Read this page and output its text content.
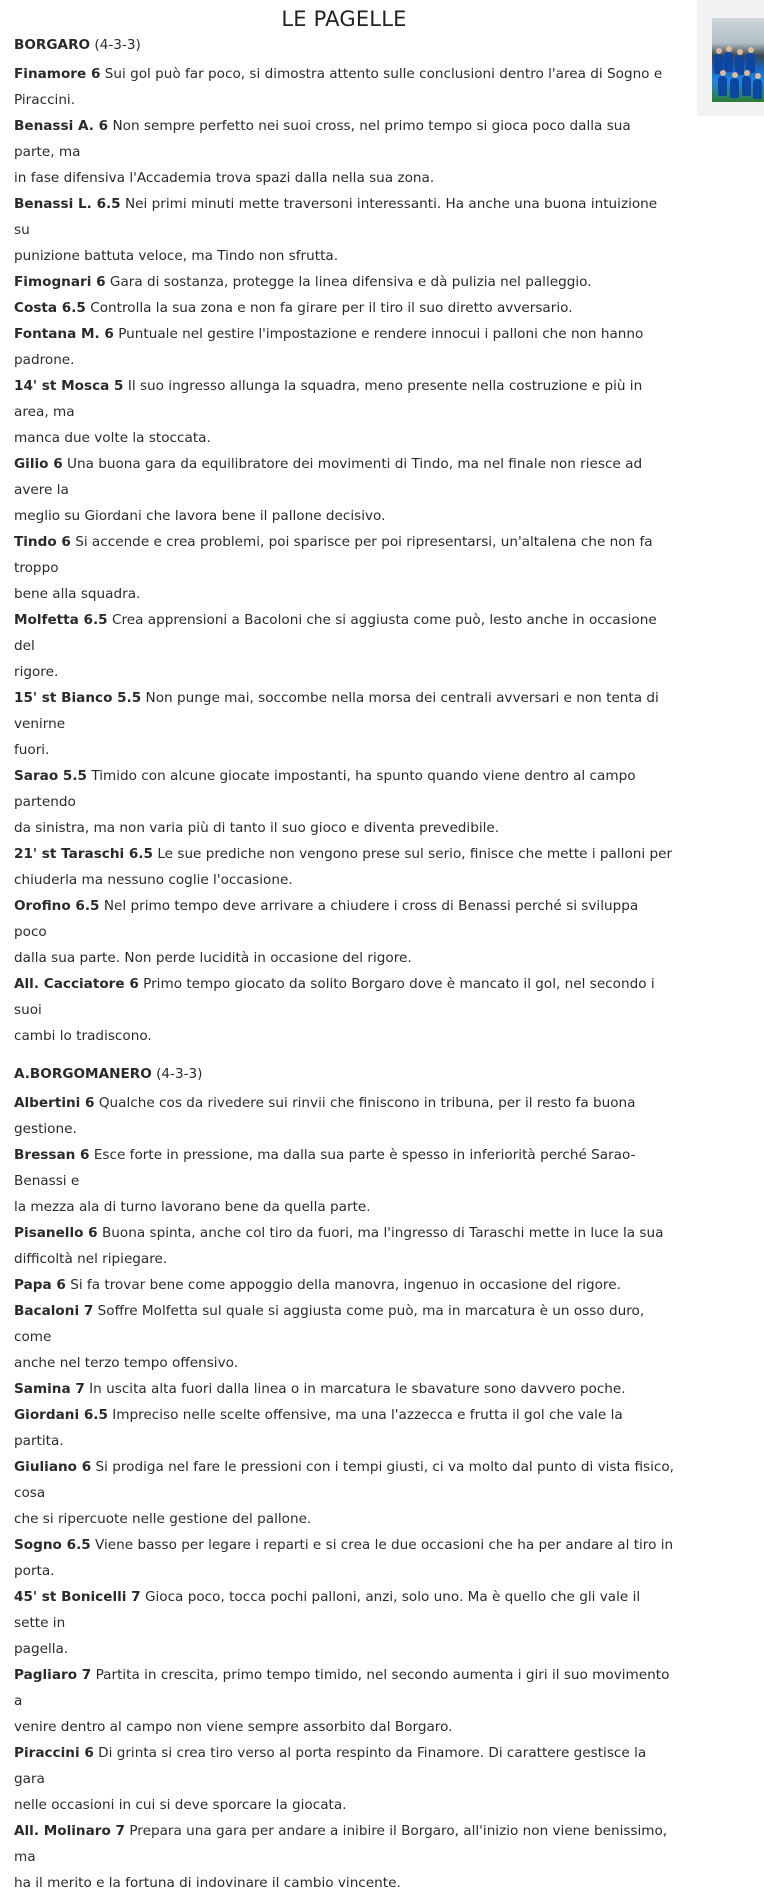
LE PAGELLE
BORGARO (4-3-3)
Finamore 6 Sui gol può far poco, si dimostra attento sulle conclusioni dentro l'area di Sogno e
Piraccini.
Benassi A. 6 Non sempre perfetto nei suoi cross, nel primo tempo si gioca poco dalla sua parte, ma
in fase difensiva l'Accademia trova spazi dalla nella sua zona.
Benassi L. 6.5 Nei primi minuti mette traversoni interessanti. Ha anche una buona intuizione su
punizione battuta veloce, ma Tindo non sfrutta.
Fimognari 6 Gara di sostanza, protegge la linea difensiva e dà pulizia nel palleggio.
Costa 6.5 Controlla la sua zona e non fa girare per il tiro il suo diretto avversario.
Fontana M. 6 Puntuale nel gestire l'impostazione e rendere innocui i palloni che non hanno
padrone.
14' st Mosca 5 Il suo ingresso allunga la squadra, meno presente nella costruzione e più in area, ma
manca due volte la stoccata.
Gilio 6 Una buona gara da equilibratore dei movimenti di Tindo, ma nel finale non riesce ad avere la
meglio su Giordani che lavora bene il pallone decisivo.
Tindo 6 Si accende e crea problemi, poi sparisce per poi ripresentarsi, un'altalena che non fa troppo
bene alla squadra.
Molfetta 6.5 Crea apprensioni a Bacoloni che si aggiusta come può, lesto anche in occasione del
rigore.
15' st Bianco 5.5 Non punge mai, soccombe nella morsa dei centrali avversari e non tenta di venirne
fuori.
Sarao 5.5 Timido con alcune giocate impostanti, ha spunto quando viene dentro al campo partendo
da sinistra, ma non varia più di tanto il suo gioco e diventa prevedibile.
21' st Taraschi 6.5 Le sue prediche non vengono prese sul serio, finisce che mette i palloni per
chiuderla ma nessuno coglie l'occasione.
Orofino 6.5 Nel primo tempo deve arrivare a chiudere i cross di Benassi perché si sviluppa poco
dalla sua parte. Non perde lucidità in occasione del rigore.
All. Cacciatore 6 Primo tempo giocato da solito Borgaro dove è mancato il gol, nel secondo i suoi
cambi lo tradiscono.
A.BORGOMANERO (4-3-3)
Albertini 6 Qualche cos da rivedere sui rinvii che finiscono in tribuna, per il resto fa buona gestione.
Bressan 6 Esce forte in pressione, ma dalla sua parte è spesso in inferiorità perché Sarao-Benassi e
la mezza ala di turno lavorano bene da quella parte.
Pisanello 6 Buona spinta, anche col tiro da fuori, ma l'ingresso di Taraschi mette in luce la sua
difficoltà nel ripiegare.
Papa 6 Si fa trovar bene come appoggio della manovra, ingenuo in occasione del rigore.
Bacaloni 7 Soffre Molfetta sul quale si aggiusta come può, ma in marcatura è un osso duro, come
anche nel terzo tempo offensivo.
Samina 7 In uscita alta fuori dalla linea o in marcatura le sbavature sono davvero poche.
Giordani 6.5 Impreciso nelle scelte offensive, ma una l'azzecca e frutta il gol che vale la partita.
Giuliano 6 Si prodiga nel fare le pressioni con i tempi giusti, ci va molto dal punto di vista fisico, cosa
che si ripercuote nelle gestione del pallone.
Sogno 6.5 Viene basso per legare i reparti e si crea le due occasioni che ha per andare al tiro in
porta.
45' st Bonicelli 7 Gioca poco, tocca pochi palloni, anzi, solo uno. Ma è quello che gli vale il sette in
pagella.
Pagliaro 7 Partita in crescita, primo tempo timido, nel secondo aumenta i giri il suo movimento a
venire dentro al campo non viene sempre assorbito dal Borgaro.
Piraccini 6 Di grinta si crea tiro verso al porta respinto da Finamore. Di carattere gestisce la gara
nelle occasioni in cui si deve sporcare la giocata.
All. Molinaro 7 Prepara una gara per andare a inibire il Borgaro, all'inizio non viene benissimo, ma
ha il merito e la fortuna di indovinare il cambio vincente.
